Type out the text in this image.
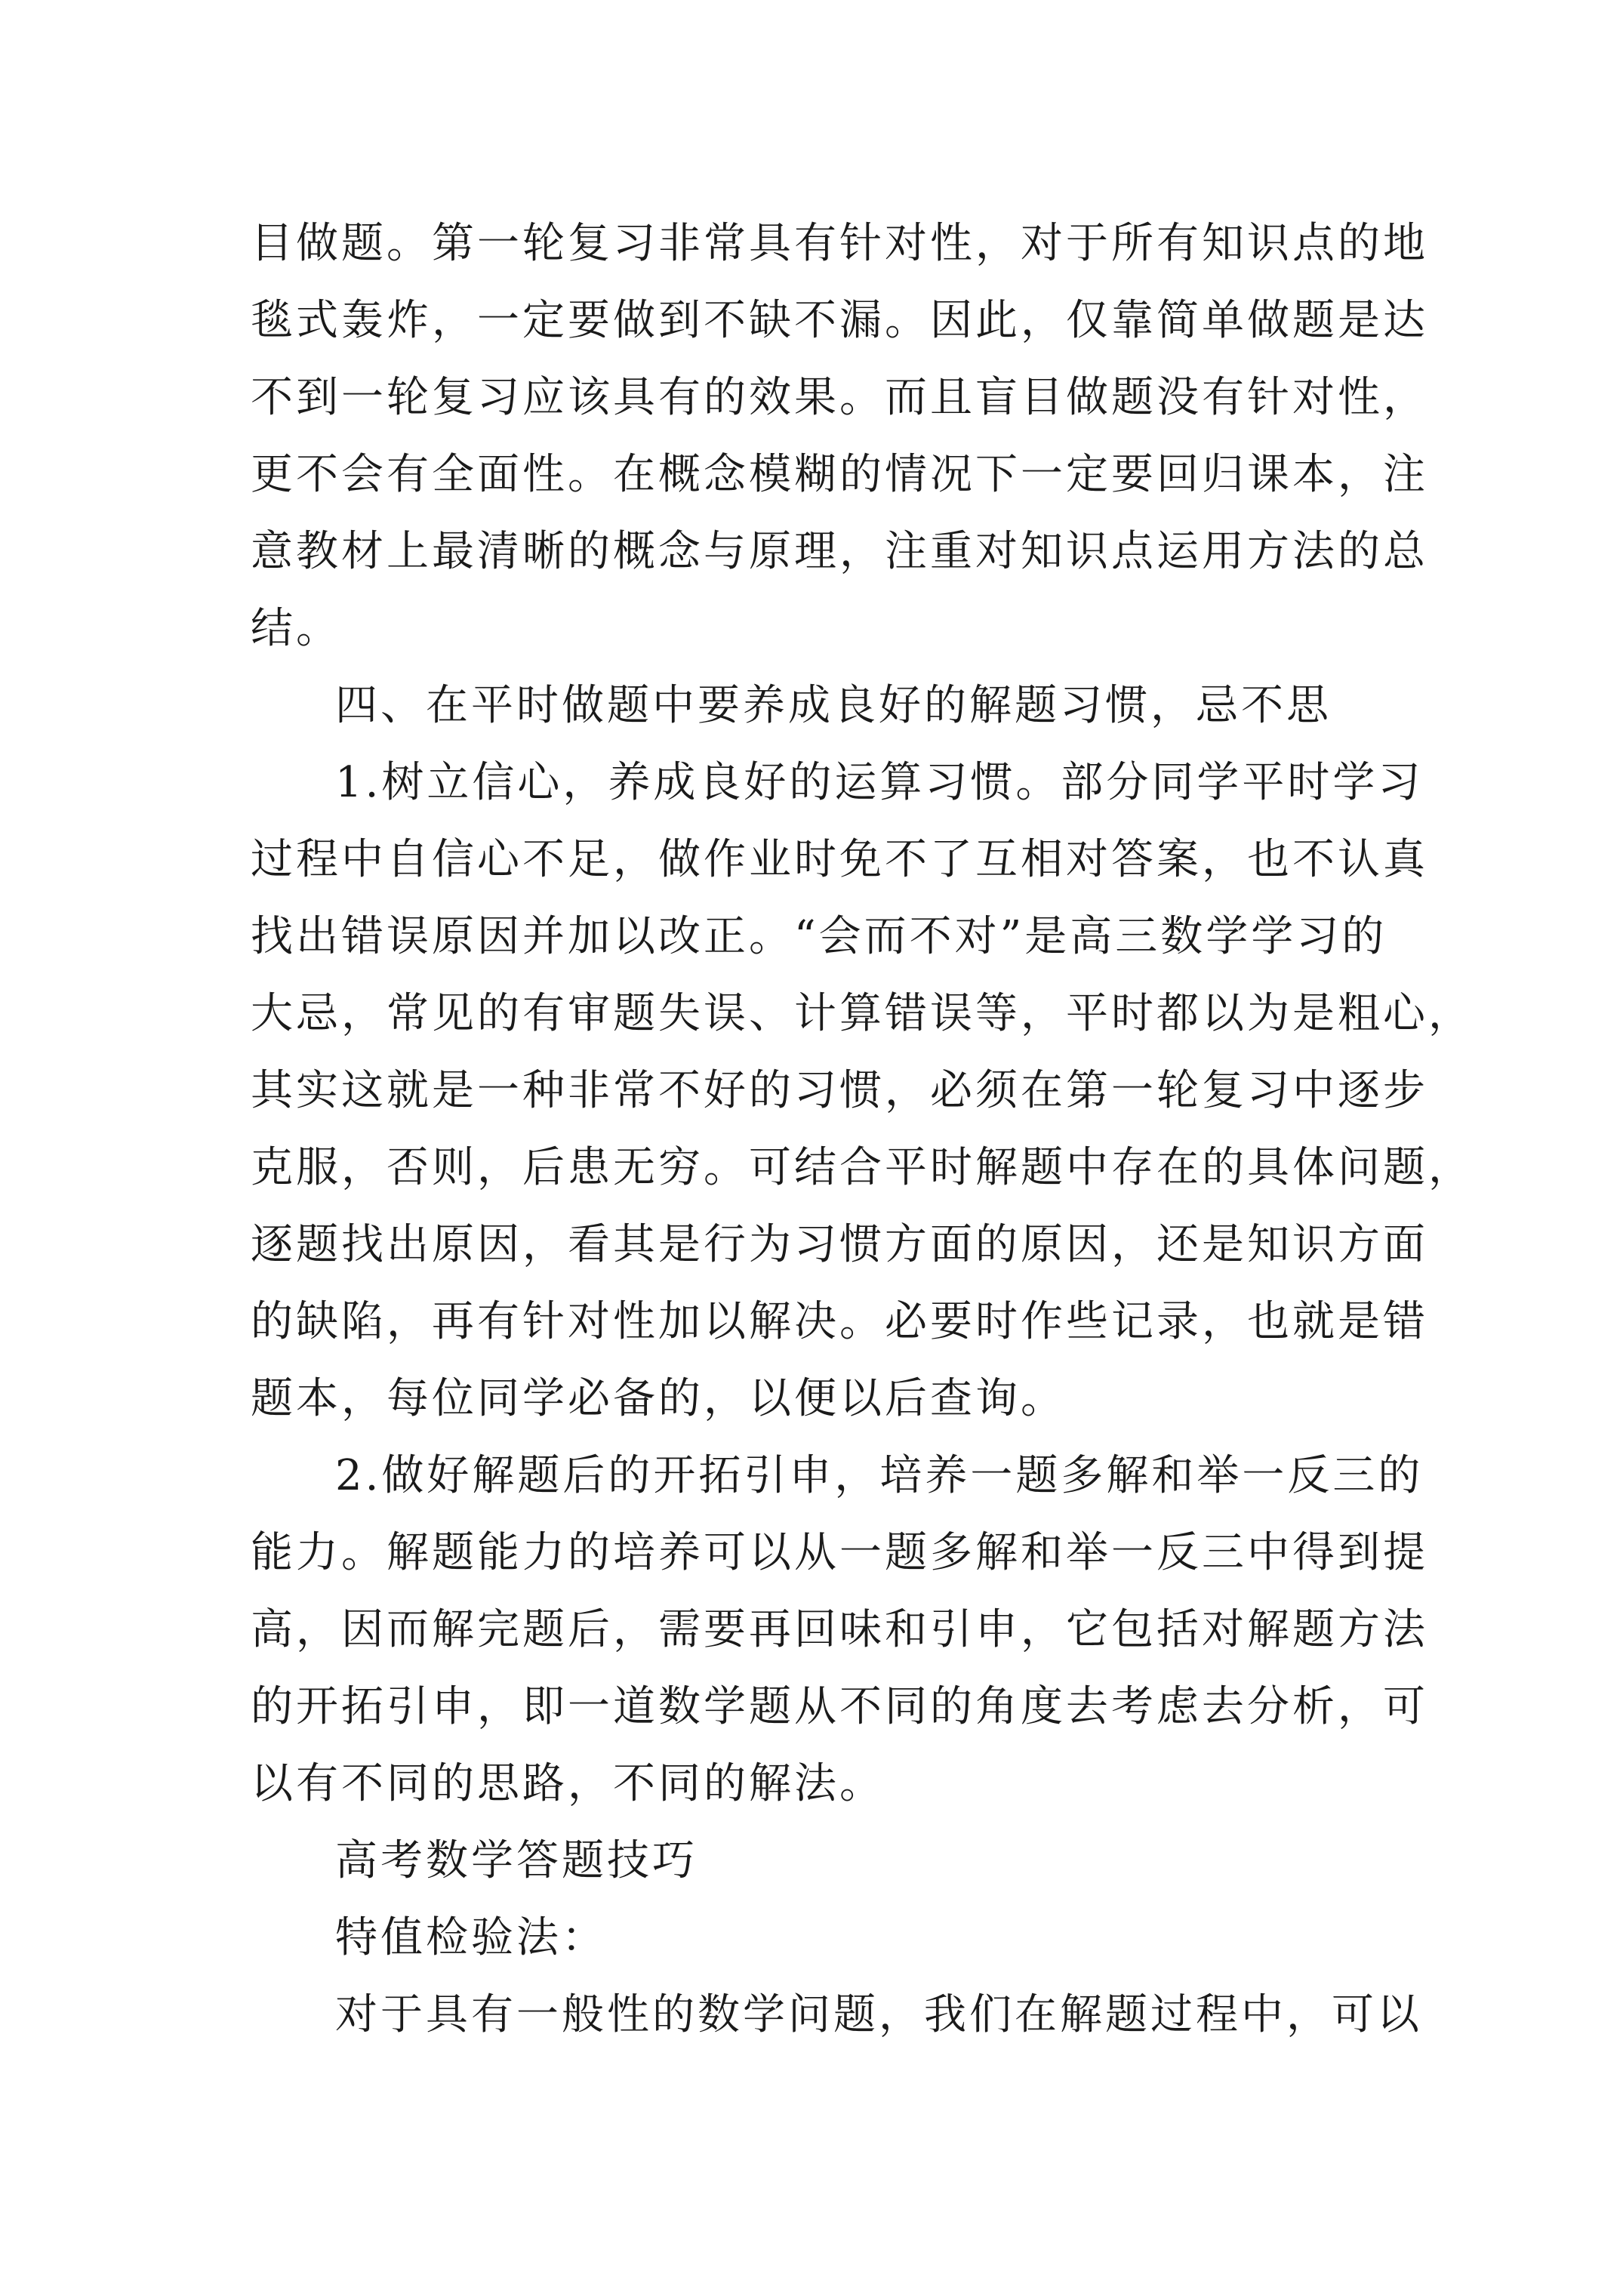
目做题。第一轮复习非常具有针对性，对于所有知识点的地
毯式轰炸，一定要做到不缺不漏。因此，仅靠简单做题是达
不到一轮复习应该具有的效果。而且盲目做题没有针对性，
更不会有全面性。在概念模糊的情况下一定要回归课本，注
意教材上最清晰的概念与原理，注重对知识点运用方法的总
结。
四、在平时做题中要养成良好的解题习惯，忌不思
1.树立信心，养成良好的运算习惯。部分同学平时学习
过程中自信心不足，做作业时免不了互相对答案，也不认真
找出错误原因并加以改正。“会而不对”是高三数学学习的
大忌，常见的有审题失误、计算错误等，平时都以为是粗心，
其实这就是一种非常不好的习惯，必须在第一轮复习中逐步
克服，否则，后患无穷。可结合平时解题中存在的具体问题，
逐题找出原因，看其是行为习惯方面的原因，还是知识方面
的缺陷，再有针对性加以解决。必要时作些记录，也就是错
题本，每位同学必备的，以便以后查询。
2.做好解题后的开拓引申，培养一题多解和举一反三的
能力。解题能力的培养可以从一题多解和举一反三中得到提
高，因而解完题后，需要再回味和引申，它包括对解题方法
的开拓引申，即一道数学题从不同的角度去考虑去分析，可
以有不同的思路，不同的解法。
高考数学答题技巧
特值检验法：
对于具有一般性的数学问题，我们在解题过程中，可以
